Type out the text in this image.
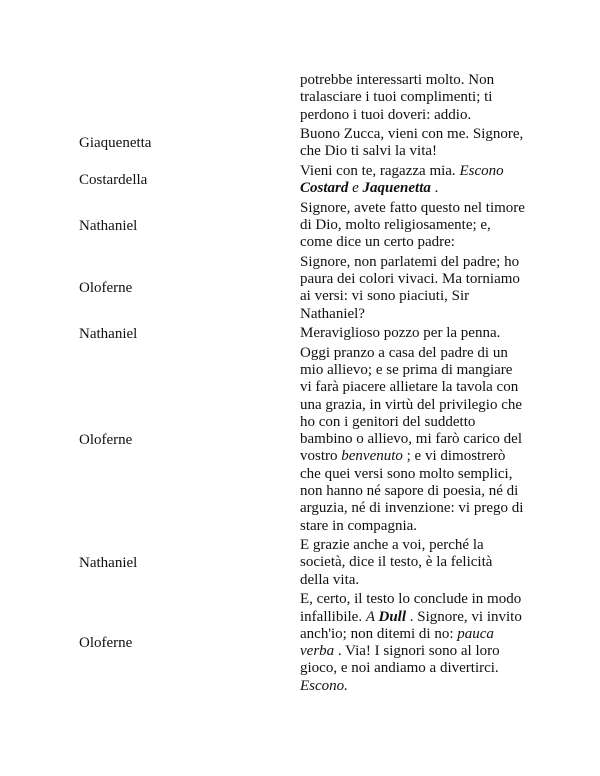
potrebbe interessarti molto. Non
tralasciare i tuoi complimenti; ti
perdono i tuoi doveri: addio.
Giaquenetta
Buono Zucca, vieni con me. Signore,
che Dio ti salvi la vita!
Costardella
Vieni con te, ragazza mia. Escono
Costard e Jaquenetta .
Nathaniel
Signore, avete fatto questo nel timore
di Dio, molto religiosamente; e,
come dice un certo padre:
Oloferne
Signore, non parlatemi del padre; ho
paura dei colori vivaci. Ma torniamo
ai versi: vi sono piaciuti, Sir
Nathaniel?
Nathaniel	Meraviglioso pozzo per la penna.
Oloferne
Oggi pranzo a casa del padre di un
mio allievo; e se prima di mangiare
vi farà piacere allietare la tavola con
una grazia, in virtù del privilegio che
ho con i genitori del suddetto
bambino o allievo, mi farò carico del
vostro benvenuto ; e vi dimostrerò
che quei versi sono molto semplici,
non hanno né sapore di poesia, né di
arguzia, né di invenzione: vi prego di
stare in compagnia.
Nathaniel
E grazie anche a voi, perché la
società, dice il testo, è la felicità
della vita.
Oloferne
E, certo, il testo lo conclude in modo
infallibile. A Dull . Signore, vi invito
anch'io; non ditemi di no: pauca
verba . Via! I signori sono al loro
gioco, e noi andiamo a divertirci.
Escono.
